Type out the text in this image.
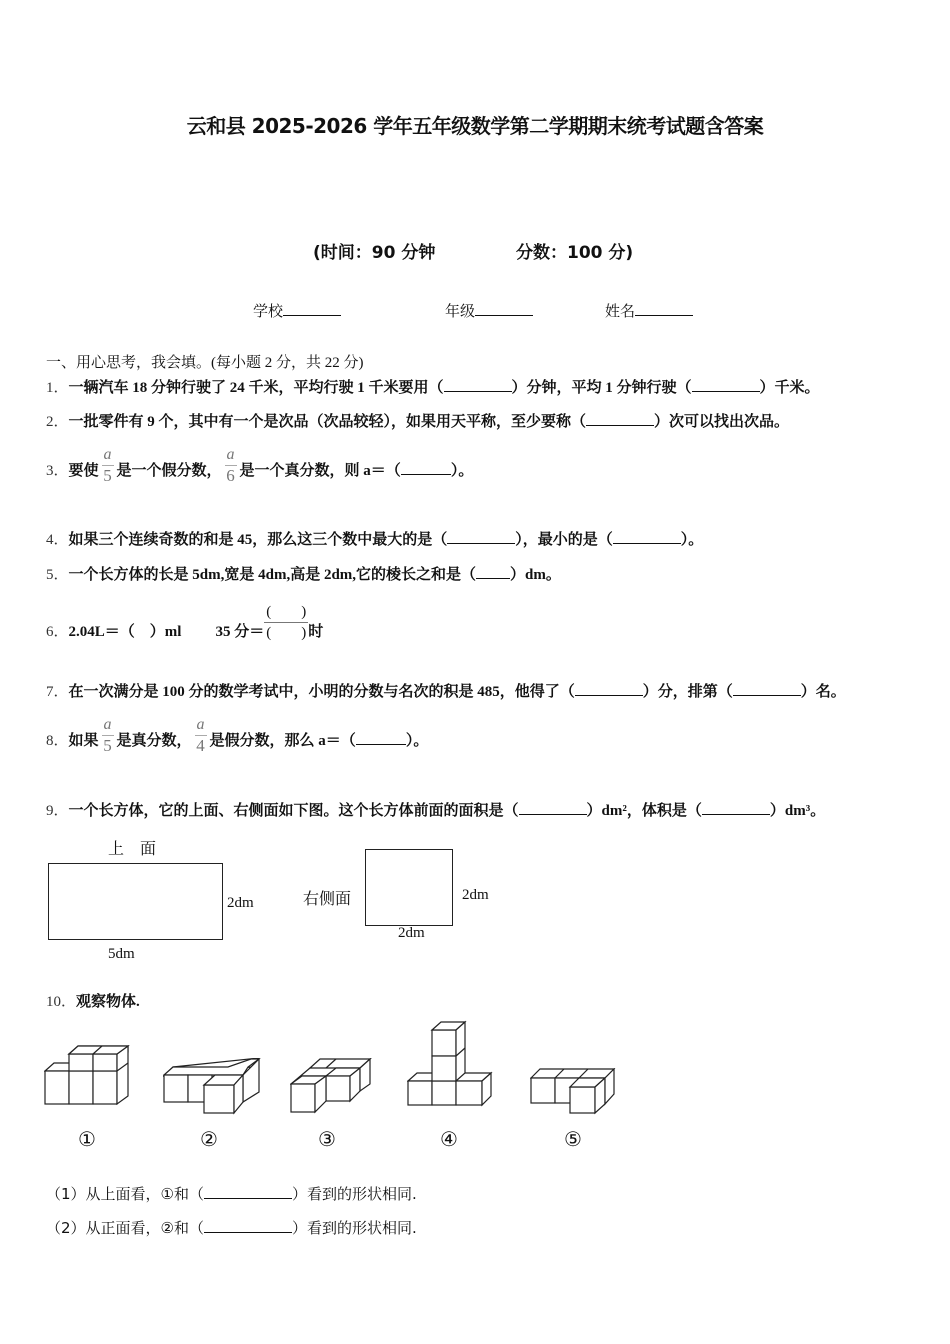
云和县 2025-2026 学年五年级数学第二学期期末统考试题含答案
(时间：90 分钟	分数：100 分)
学校	年级	姓名
一、用心思考，我会填。(每小题 2 分，共 22 分)
1．一辆汽车 18 分钟行驶了 24 千米，平均行驶 1 千米要用（	）分钟，平均 1 分钟行驶（	）千米。
2．一批零件有 9 个，其中有一个是次品（次品较轻），如果用天平称，至少要称（	）次可以找出次品。
3．要使 $\frac{a}{5}$ 是一个假分数， $\frac{a}{6}$ 是一个真分数，则 a＝（	）。
4．如果三个连续奇数的和是 45，那么这三个数中最大的是（	），最小的是（	）。
5．一个长方体的长是 5dm,宽是 4dm,高是 2dm,它的棱长之和是（ ）dm。
6．2.04L＝（　）ml 35 分＝
(　　)
(　　) 时
7．在一次满分是 100 分的数学考试中，小明的分数与名次的积是 485，他得了（	）分，排第（	）名。
8．如果 $\frac{a}{5}$ 是真分数， $\frac{a}{4}$ 是假分数，那么 a＝（	）。
9．一个长方体，它的上面、右侧面如下图。这个长方体前面的面积是（	）dm²，体积是（	）dm³。
上　面
2dm
5dm
右侧面	2dm
2dm
10．观察物体.
①	②	③	④	⑤
（1）从上面看，①和（	）看到的形状相同.
（2）从正面看，②和（	）看到的形状相同.
